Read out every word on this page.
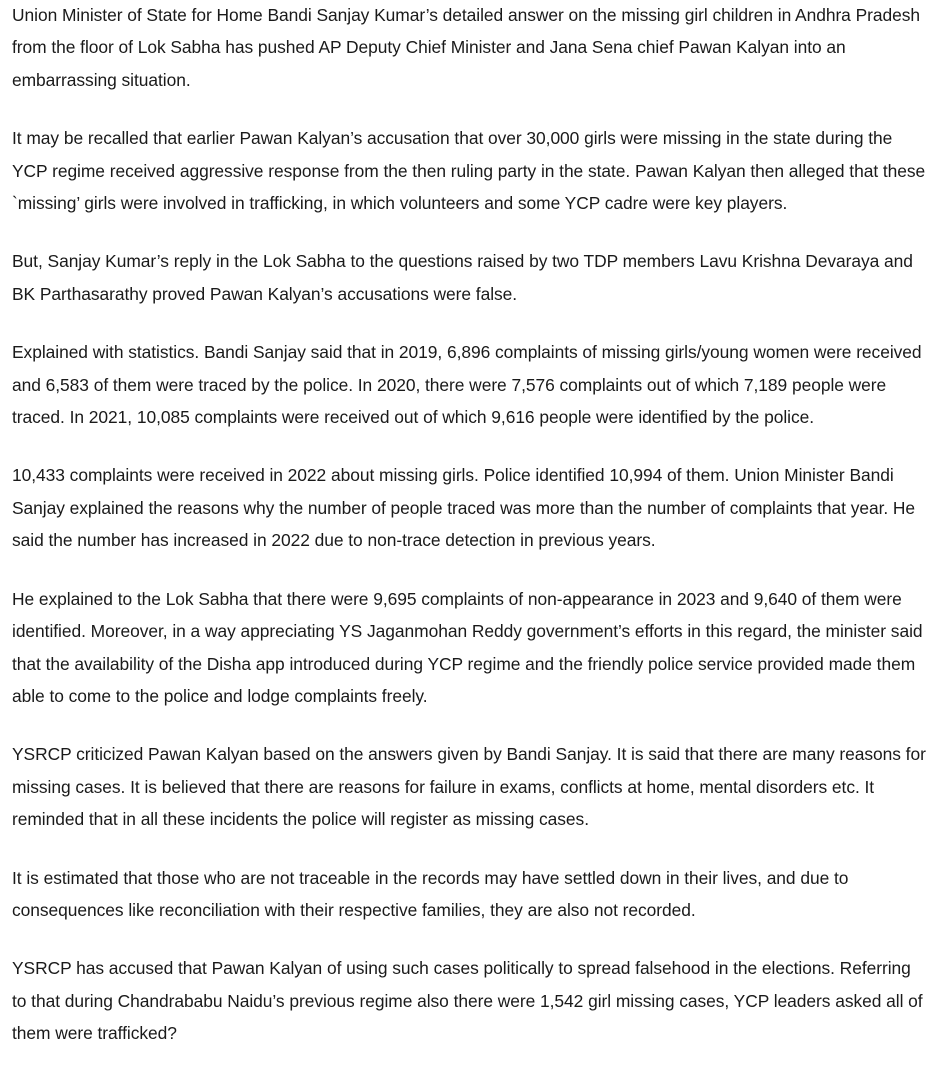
Union Minister of State for Home Bandi Sanjay Kumar’s detailed answer on the missing girl children in Andhra Pradesh from the floor of Lok Sabha has pushed AP Deputy Chief Minister and Jana Sena chief Pawan Kalyan into an embarrassing situation.

It may be recalled that earlier Pawan Kalyan’s accusation that over 30,000 girls were missing in the state during the YCP regime received aggressive response from the then ruling party in the state. Pawan Kalyan then alleged that these `missing’ girls were involved in trafficking, in which volunteers and some YCP cadre were key players.

But, Sanjay Kumar’s reply in the Lok Sabha to the questions raised by two TDP members Lavu Krishna Devaraya and BK Parthasarathy proved Pawan Kalyan’s accusations were false.

Explained with statistics. Bandi Sanjay said that in 2019, 6,896 complaints of missing girls/young women were received and 6,583 of them were traced by the police. In 2020, there were 7,576 complaints out of which 7,189 people were traced. In 2021, 10,085 complaints were received out of which 9,616 people were identified by the police.

10,433 complaints were received in 2022 about missing girls. Police identified 10,994 of them. Union Minister Bandi Sanjay explained the reasons why the number of people traced was more than the number of complaints that year. He said the number has increased in 2022 due to non-trace detection in previous years.

He explained to the Lok Sabha that there were 9,695 complaints of non-appearance in 2023 and 9,640 of them were identified. Moreover, in a way appreciating YS Jaganmohan Reddy government’s efforts in this regard, the minister said that the availability of the Disha app introduced during YCP regime and the friendly police service provided made them able to come to the police and lodge complaints freely.

YSRCP criticized Pawan Kalyan based on the answers given by Bandi Sanjay. It is said that there are many reasons for missing cases. It is believed that there are reasons for failure in exams, conflicts at home, mental disorders etc. It reminded that in all these incidents the police will register as missing cases.

It is estimated that those who are not traceable in the records may have settled down in their lives, and due to consequences like reconciliation with their respective families, they are also not recorded.

YSRCP has accused that Pawan Kalyan of using such cases politically to spread falsehood in the elections. Referring to that during Chandrababu Naidu’s previous regime also there were 1,542 girl missing cases, YCP leaders asked all of them were trafficked?
